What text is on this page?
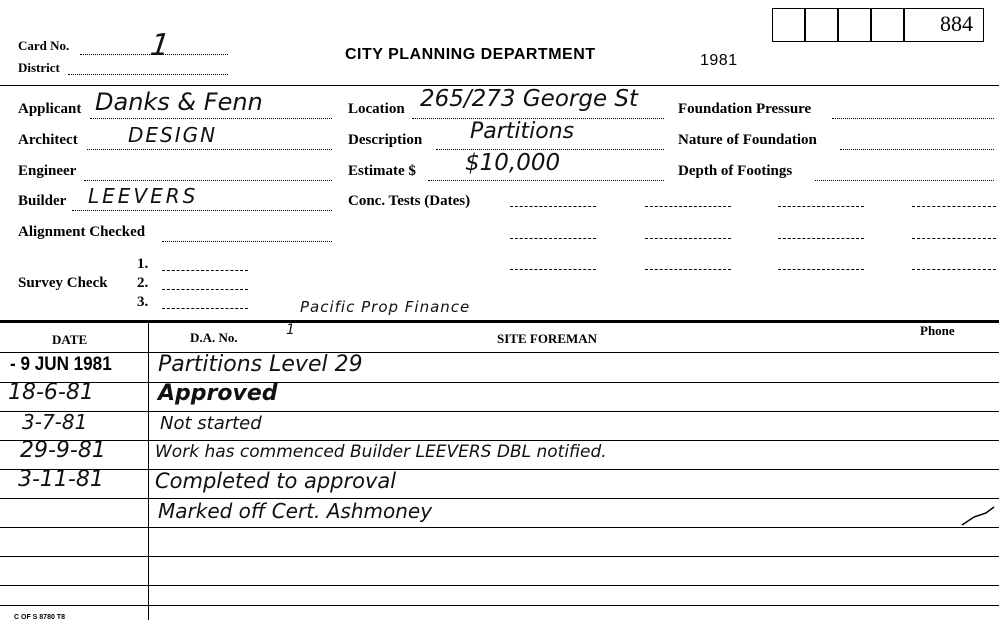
884
Card No.	1
District
CITY PLANNING DEPARTMENT	1981
Applicant Danks & Fenn
Architect	DESIGN
Engineer
Builder LEEVERS
Alignment Checked
Survey Check
1.
2.
3.
Location 265/273 George St
Description Partitions
Estimate $ $10,000
Conc. Tests (Dates)
Foundation Pressure
Nature of Foundation
Depth of Footings
Pacific Prop Finance
DATE	D.A. No.	1
SITE FOREMAN
Phone
- 9 JUN 1981 Partitions Level 29
18-6-81	Approved
3-7-81	Not started
29-9-81	Work has commenced Builder LEEVERS DBL notified.
3-11-81 Completed to approval
Marked off Cert. Ashmoney
C OF S 8780 T8
